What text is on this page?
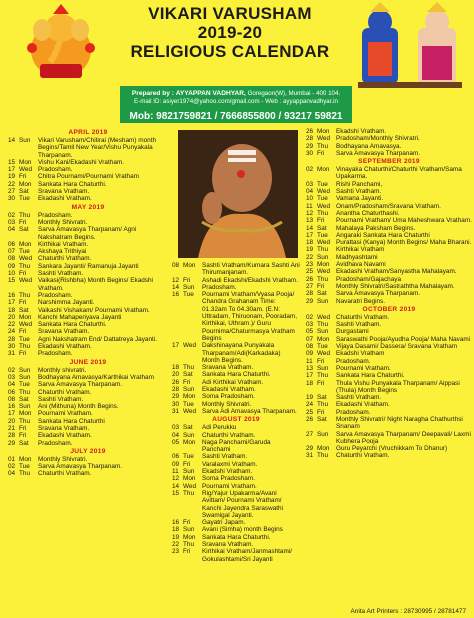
VIKARI VARUSHAM
2019-20
RELIGIOUS CALENDAR
Prepared by : AYYAPPAN VADHYAR, Goregaon(W), Mumbai - 400 104.
E-mail ID: asiyer1974@yahoo.com/gmail.com - Web : ayyappanvadhyar.in
Mob: 9821759821 / 7666855800 / 93217 59821
APRIL 2019
14 Sun	Vikari Varusham/Chitirai (Mesham) month Begins/Tamil New Year/Vishu Punyakala Tharpanam.
15 Mon	Vishu Kani/Ekadashi Vratham.
17 Wed Pradosham.
19 Fri	Chitra Pournami/Pournami Vratham
22 Mon	Sankata Hara Chaturthi.
27 Sat	Sravana Vratham.
30 Tue	Ekadashi Vratham.
MAY 2019
02 Thu	Pradosham.
03 Fri	Monthly Shivratri.
04 Sat	Sarva Amavasya Tharpanam/ Agni Nakshatram Begins.
06 Mon	Kirthikai Vratham.
07 Tue	Akshaya Trithiyai
08 Wed Chaturthi Vratham.
09 Thu	Sankara Jayanti/ Ramanuja Jayanti
10 Fri	Sashti Vratham.
15 Wed Vaikasi(Rishbha) Month Begins/ Ekadshi Vratham.
16 Thu	Pradosham.
17 Fri	Narshimma Jayanti.
18 Sat	Vaikashi Vishakam/ Pournami Vratham.
20 Mon	Kanchi Mahaperiyava Jayanti
22 Wed Sankata Hara Chaturthi.
24 Fri	Sravana Vratham.
28 Tue	Agni Nakshatram End/ Dattatreya Jayanti.
30 Thu	Ekadashi Vratham.
31 Fri	Pradosham.
JUNE 2019
02 Sun	Monthly shivratri.
03 Sun	Bodhayana Amavasya/Karthikai Vratham
04 Tue	Sarva Amavasya Tharpanam.
06 Thu	Chaturthi Vratham.
08 Sat	Sashti Vratham.
16 Sun	Ani (Mithuna) Month Begins.
17 Mon	Pournami Vratham.
20 Thu	Sankata Hara Chaturthi
21 Fri	Sravana Vratham.
28 Fri	Ekadashi Vratham.
29 Sat	Pradosham.
JULY 2019
01 Mon	Monthly Shivratri.
02 Tue	Sarva Amavasya Tharpanam.
04 Thu	Chaturthi Vratham.
08 Mon	Sashti Vratham/Kumara Sashti Ani Thirumanjanam.
12 Fri	Ashadi Ekadshi/Ekadshi Vratham.
14 Sun	Pradosham.
16 Tue	Pournami Vratham/Vyasa Pooja/ Chandra Grahanam Time: 01.32am To 04.30am. (E.N: Uttradam, Thiruonam, Pooradam, Kirthikai, Uthram.)/ Guru Pournima/Chaturmasya Vratham Begins
17 Wed Dakshinayana Punyakala Tharpanam/Adi(Karkadaka) Month Begins.
18 Thu	Sravana Vratham.
20 Sat	Sankata Hara Chaturthi.
26 Fri	Adi Kirthikai Vratham.
28 Sun	Ekadashi Vratham.
29 Mon	Soma Pradosham.
30 Tue	Monthly Shivratri.
31 Wed Sarva Adi Amavasya Tharpanam.
AUGUST 2019
03 Sat	Adi Perukku
04 Sun	Chaturthi Vratham.
05 Mon	Naga Panchami/Garuda Panchami
06 Tue	Sashti Vratham.
09 Fri	Varalaxmi Vratham.
11 Sun	Ekadshi Vratham.
12 Mon	Soma Pradosham.
14 Wed Pournami Vratham.
15 Thu	Rig/Yajur Upakarma/Avani Avittam/ Pournami Vratham/ Kanchi Jayendra Saraswathi Swamigal Jayanti.
16 Fri	Gayatri Japam.
18 Sun	Avani (Simha) month Begins
19 Mon	Sankata Hara Chaturthi.
22 Thu	Sravana Vratham.
23 Fri	Kirthikai Vratham/Janmashtami/ Gokulashtami/Sri Jayanti
26 Mon	Ekadshi Vratham.
28 Wed Pradosham/Monthly Shivratri.
29 Thu	Bodhayana Amavasya.
30 Fri	Sarva Amavasya Tharpanam.
SEPTEMBER 2019
02 Mon	Vinayaka Chaturthi/Chaturthi Vratham/Sama Upakarma.
03 Tue	Rishi Panchami,
04 Wed Sashti Vratham.
10 Tue	Vamana Jayanti.
11 Wed Onam/Pradosham/Sravana Vratham.
12 Thu	Anantha Chaturthashi.
13 Fri	Pournami Vratham/ Uma Maheshwara Vratham.
14 Sat	Mahalaya Paksham Begins.
17 Tue	Angaraki Sankata Hara Chaturthi
18 Wed Purattasi (Kanya) Month Begins/ Maha Bharani.
19 Thu	Kirthikai Vratham
22 Sun	Madhyashtami
23 Mon	Avidhava Navami
25 Wed Ekadashi Vratham/Sanyastha Mahalayam.
26 Thu	Pradosham/Gajachaya
27 Fri	Monthly Shivratri/Sastraththa Mahalayam.
28 Sat	Sarva Amavasya Tharpanam.
29 Sun	Navaratri Begins.
OCTOBER 2019
02 Wed Chaturthi Vratham.
03 Thu	Sashti Vratham.
05 Sun	Durgastami
07 Mon	Saraswathi Pooja/Ayudha Pooja/ Maha Navami
08 Tue	Vijaya Dasami/ Dassera/ Sravana Vratham
09 Wed Ekadshi Vratham
11 Fri	Pradosham.
13 Sun	Pournami Vratham.
17 Thu	Sankata Hara Chaturthi.
18 Fri	Thula Vishu Punyakala Tharpanam/ Aippasi (Thula) Month Begins
19 Sat	Sashti Vratham.
24 Thu	Ekadashi Vratham.
25 Fri	Pradosham.
26 Sat	Monthly Shivratri/ Night Naragha Chathurthsi Snanam
27 Sun	Sarva Amavasya Tharpanam/ Deepavali/ Laxmi Kubhera Pooja
29 Mon	Guru Peyarchi (Vruchikkam To Dhanur)
31 Thu	Chaturthi Vratham.
Anita Art Printers : 28730995 / 28781477
